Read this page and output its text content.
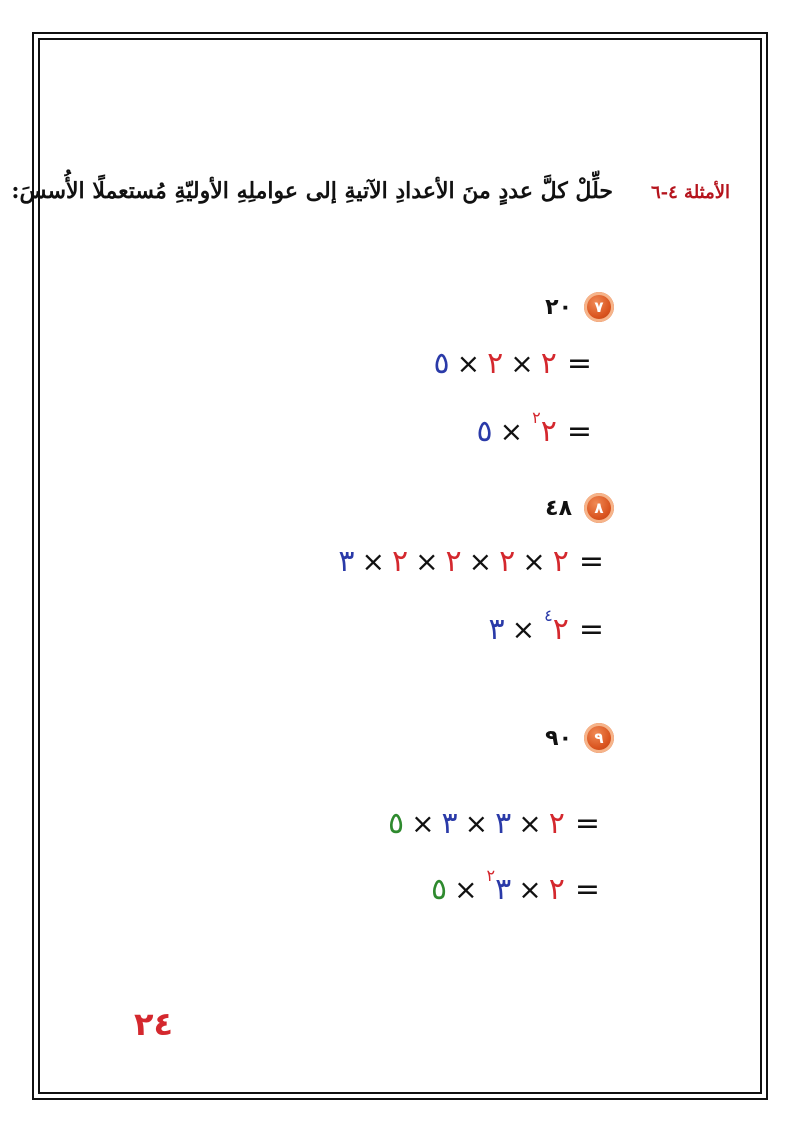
الأمثلة ٤-٦حلِّلْ كلَّ عددٍ منَ الأعدادِ الآتيةِ إلى عواملِهِ الأوليّةِ مُستعملًا الأُسسَ:
٧
٢٠
=
٢
×
٢
×
٥
=
٢
٢
×
٥
٨
٤٨
=
٢
×
٢
×
٢
×
٢
×
٣
=
٢
٤
×
٣
٩
٩٠
=
٢
×
٣
×
٣
×
٥
=
٢
×
٣
٢
×
٥
٢٤
